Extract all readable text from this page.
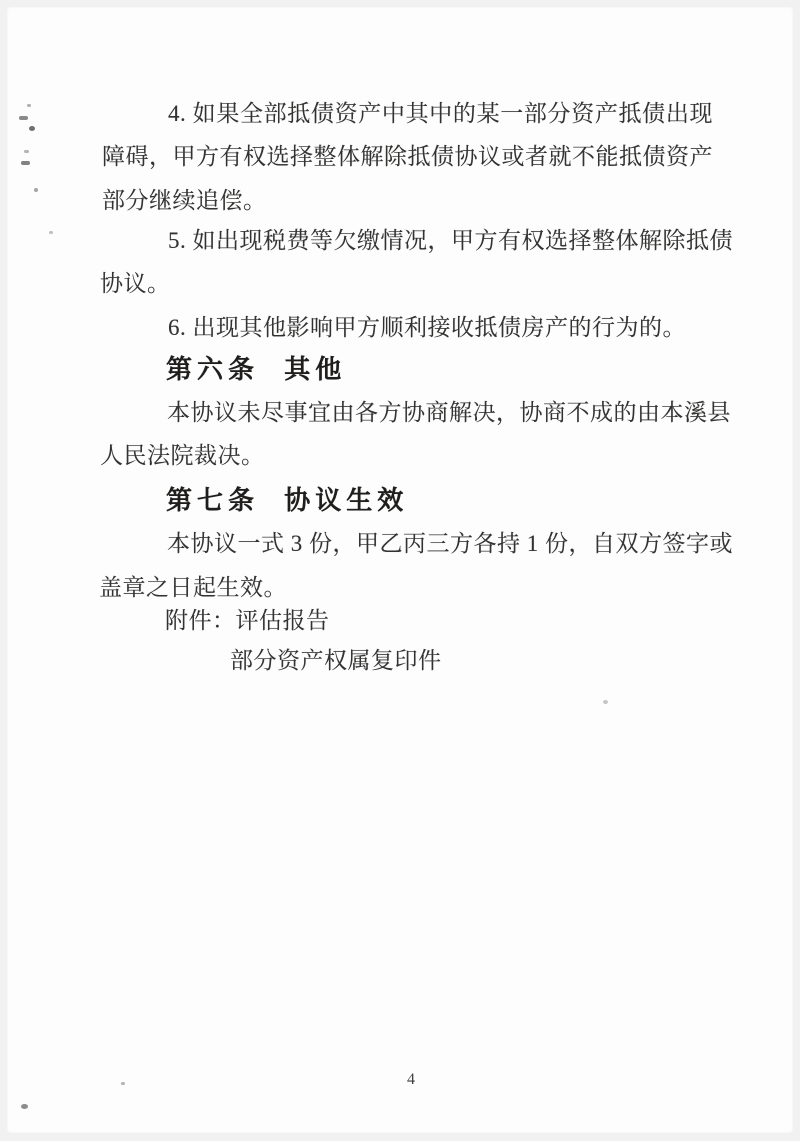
4. 如果全部抵债资产中其中的某一部分资产抵债出现
障碍，甲方有权选择整体解除抵债协议或者就不能抵债资产
部分继续追偿。
5. 如出现税费等欠缴情况，甲方有权选择整体解除抵债
协议。
6. 出现其他影响甲方顺利接收抵债房产的行为的。
第六条 其他
本协议未尽事宜由各方协商解决，协商不成的由本溪县
人民法院裁决。
第七条 协议生效
本协议一式 3 份，甲乙丙三方各持 1 份，自双方签字或
盖章之日起生效。
附件：评估报告
部分资产权属复印件
4
